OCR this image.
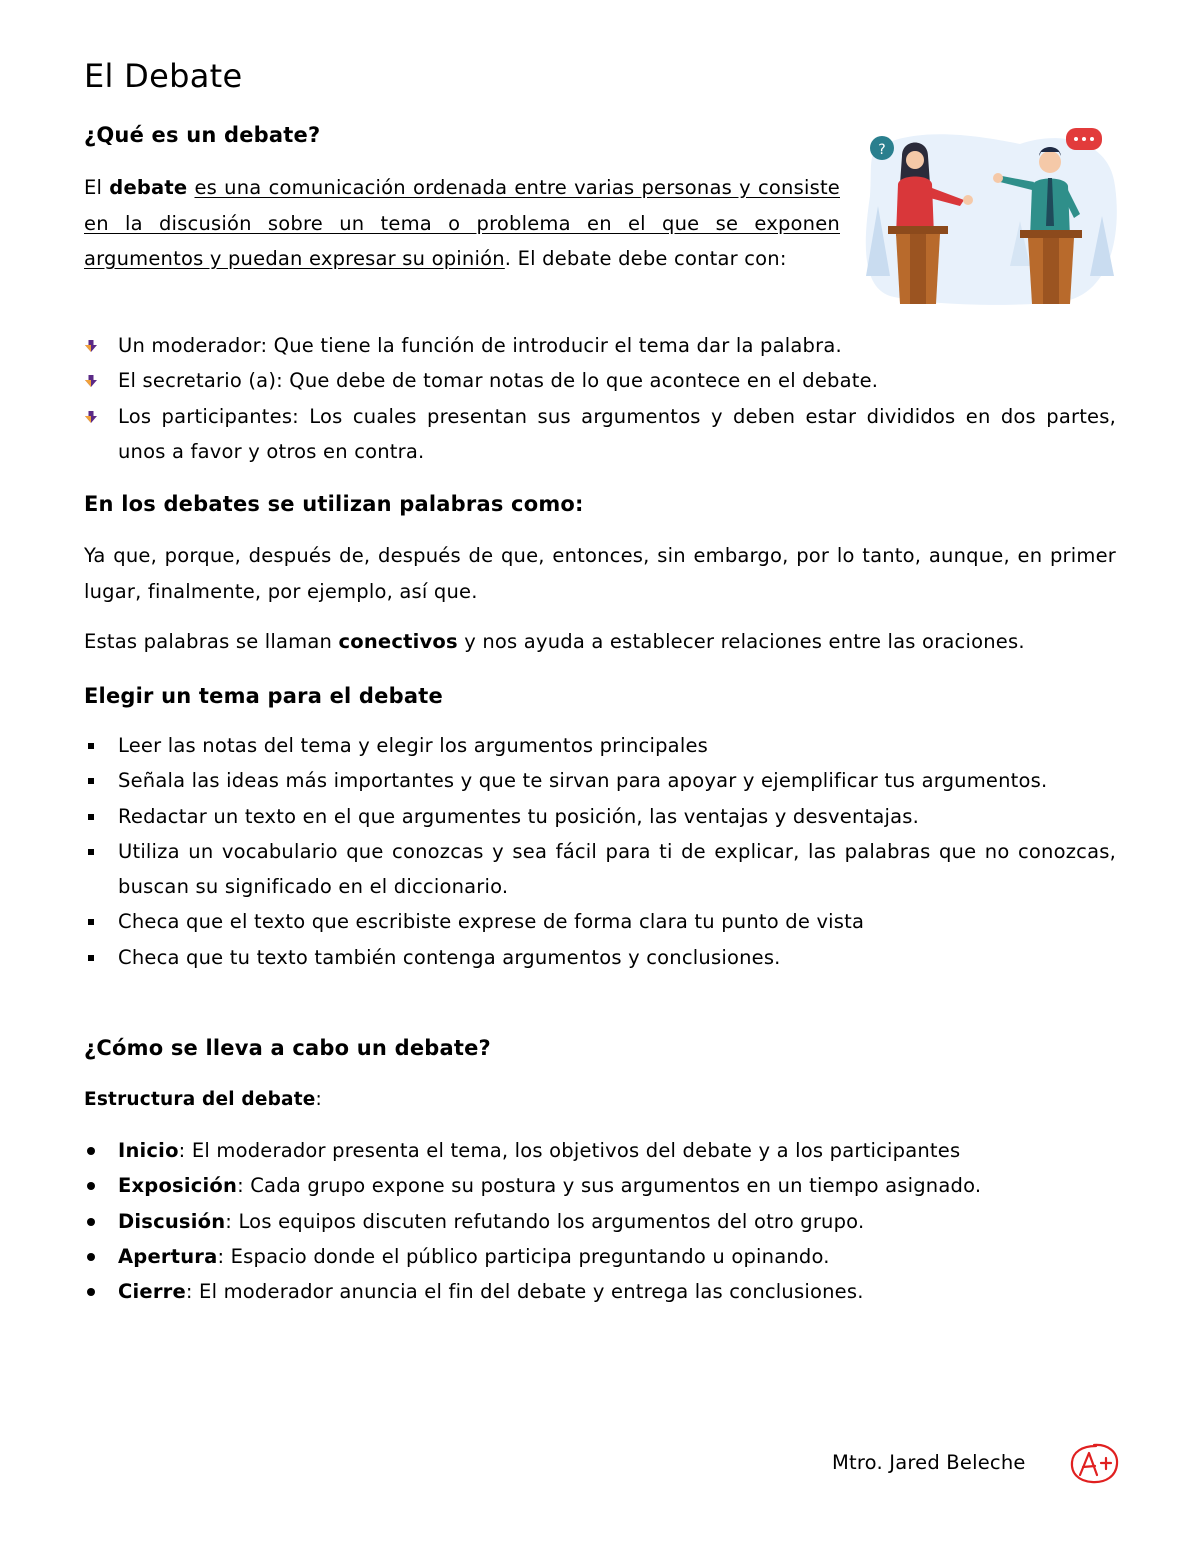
El Debate
¿Qué es un debate?

El debate es una comunicación ordenada entre varias personas y consiste en la discusión sobre un tema o problema en el que se exponen argumentos y puedan expresar su opinión. El debate debe contar con:

Un moderador: Que tiene la función de introducir el tema dar la palabra.
El secretario (a): Que debe de tomar notas de lo que acontece en el debate.
Los participantes: Los cuales presentan sus argumentos y deben estar divididos en dos partes, unos a favor y otros en contra.
En los debates se utilizan palabras como:

Ya que, porque, después de, después de que, entonces, sin embargo, por lo tanto, aunque, en primer lugar, finalmente, por ejemplo, así que.

Estas palabras se llaman conectivos y nos ayuda a establecer relaciones entre las oraciones.

Elegir un tema para el debate
Leer las notas del tema y elegir los argumentos principales
Señala las ideas más importantes y que te sirvan para apoyar y ejemplificar tus argumentos.
Redactar un texto en el que argumentes tu posición, las ventajas y desventajas.
Utiliza un vocabulario que conozcas y sea fácil para ti de explicar, las palabras que no conozcas, buscan su significado en el diccionario.
Checa que el texto que escribiste exprese de forma clara tu punto de vista
Checa que tu texto también contenga argumentos y conclusiones.
¿Cómo se lleva a cabo un debate?

Estructura del debate:

Inicio: El moderador presenta el tema, los objetivos del debate y a los participantes
Exposición: Cada grupo expone su postura y sus argumentos en un tiempo asignado.
Discusión: Los equipos discuten refutando los argumentos del otro grupo.
Apertura: Espacio donde el público participa preguntando u opinando.
Cierre: El moderador anuncia el fin del debate y entrega las conclusiones.
?
Mtro. Jared Beleche
